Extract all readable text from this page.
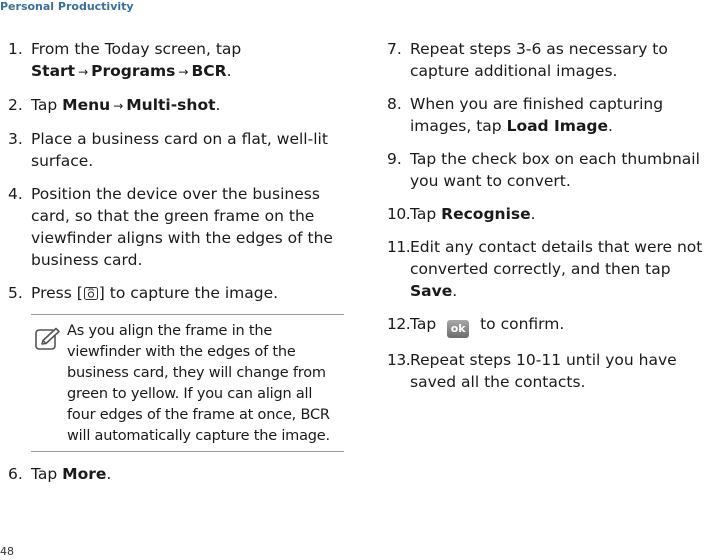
Personal Productivity
1. From the Today screen, tap Start → Programs → BCR.
2. Tap Menu → Multi-shot.
3. Place a business card on a flat, well-lit surface.
4. Position the device over the business card, so that the green frame on the viewfinder aligns with the edges of the business card.
5. Press [ ] to capture the image.
As you align the frame in the viewfinder with the edges of the business card, they will change from green to yellow. If you can align all four edges of the frame at once, BCR will automatically capture the image.
6. Tap More.
7. Repeat steps 3-6 as necessary to capture additional images.
8. When you are finished capturing images, tap Load Image.
9. Tap the check box on each thumbnail you want to convert.
10. Tap Recognise.
11. Edit any contact details that were not converted correctly, and then tap Save.
12. Tap ok to confirm.
13. Repeat steps 10-11 until you have saved all the contacts.
48
